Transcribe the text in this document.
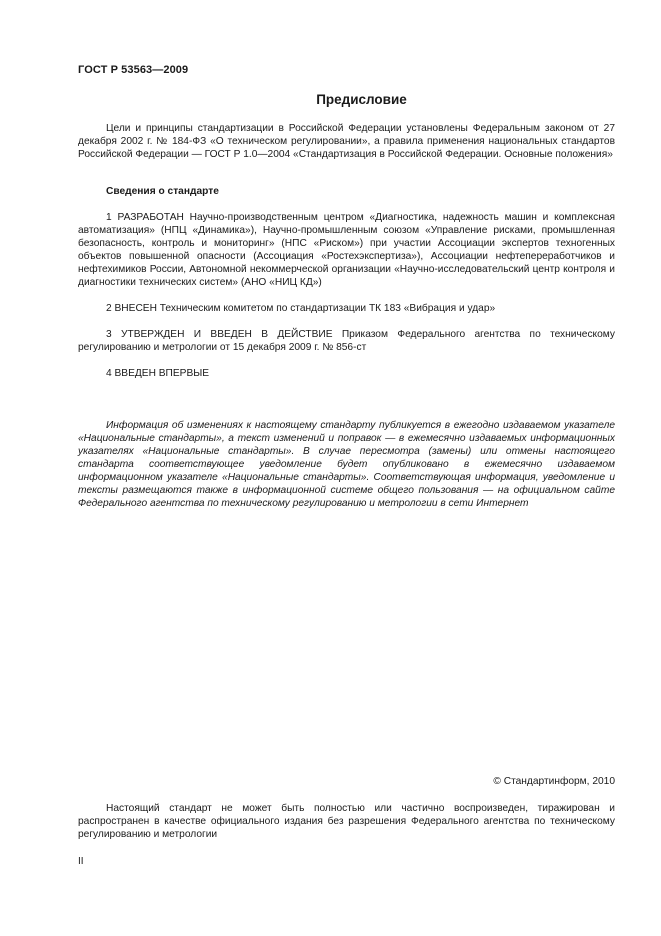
ГОСТ Р 53563—2009
Предисловие

Цели и принципы стандартизации в Российской Федерации установлены Федеральным законом от 27 декабря 2002 г. № 184-ФЗ «О техническом регулировании», а правила применения национальных стандартов Российской Федерации — ГОСТ Р 1.0—2004 «Стандартизация в Российской Федерации. Основные положения»

Сведения о стандарте

1 РАЗРАБОТАН Научно-производственным центром «Диагностика, надежность машин и комплексная автоматизация» (НПЦ «Динамика»), Научно-промышленным союзом «Управление рисками, промышленная безопасность, контроль и мониторинг» (НПС «Риском») при участии Ассоциации экспертов техногенных объектов повышенной опасности (Ассоциация «Ростехэкспертиза»), Ассоциации нефтепереработчиков и нефтехимиков России, Автономной некоммерческой организации «Научно-исследовательский центр контроля и диагностики технических систем» (АНО «НИЦ КД»)

2 ВНЕСЕН Техническим комитетом по стандартизации ТК 183 «Вибрация и удар»

3 УТВЕРЖДЕН И ВВЕДЕН В ДЕЙСТВИЕ Приказом Федерального агентства по техническому регулированию и метрологии от 15 декабря 2009 г. № 856-ст

4 ВВЕДЕН ВПЕРВЫЕ

Информация об изменениях к настоящему стандарту публикуется в ежегодно издаваемом указателе «Национальные стандарты», а текст изменений и поправок — в ежемесячно издаваемых информационных указателях «Национальные стандарты». В случае пересмотра (замены) или отмены настоящего стандарта соответствующее уведомление будет опубликовано в ежемесячно издаваемом информационном указателе «Национальные стандарты». Соответствующая информация, уведомление и тексты размещаются также в информационной системе общего пользования — на официальном сайте Федерального агентства по техническому регулированию и метрологии в сети Интернет

© Стандартинформ, 2010

Настоящий стандарт не может быть полностью или частично воспроизведен, тиражирован и распространен в качестве официального издания без разрешения Федерального агентства по техническому регулированию и метрологии

II
